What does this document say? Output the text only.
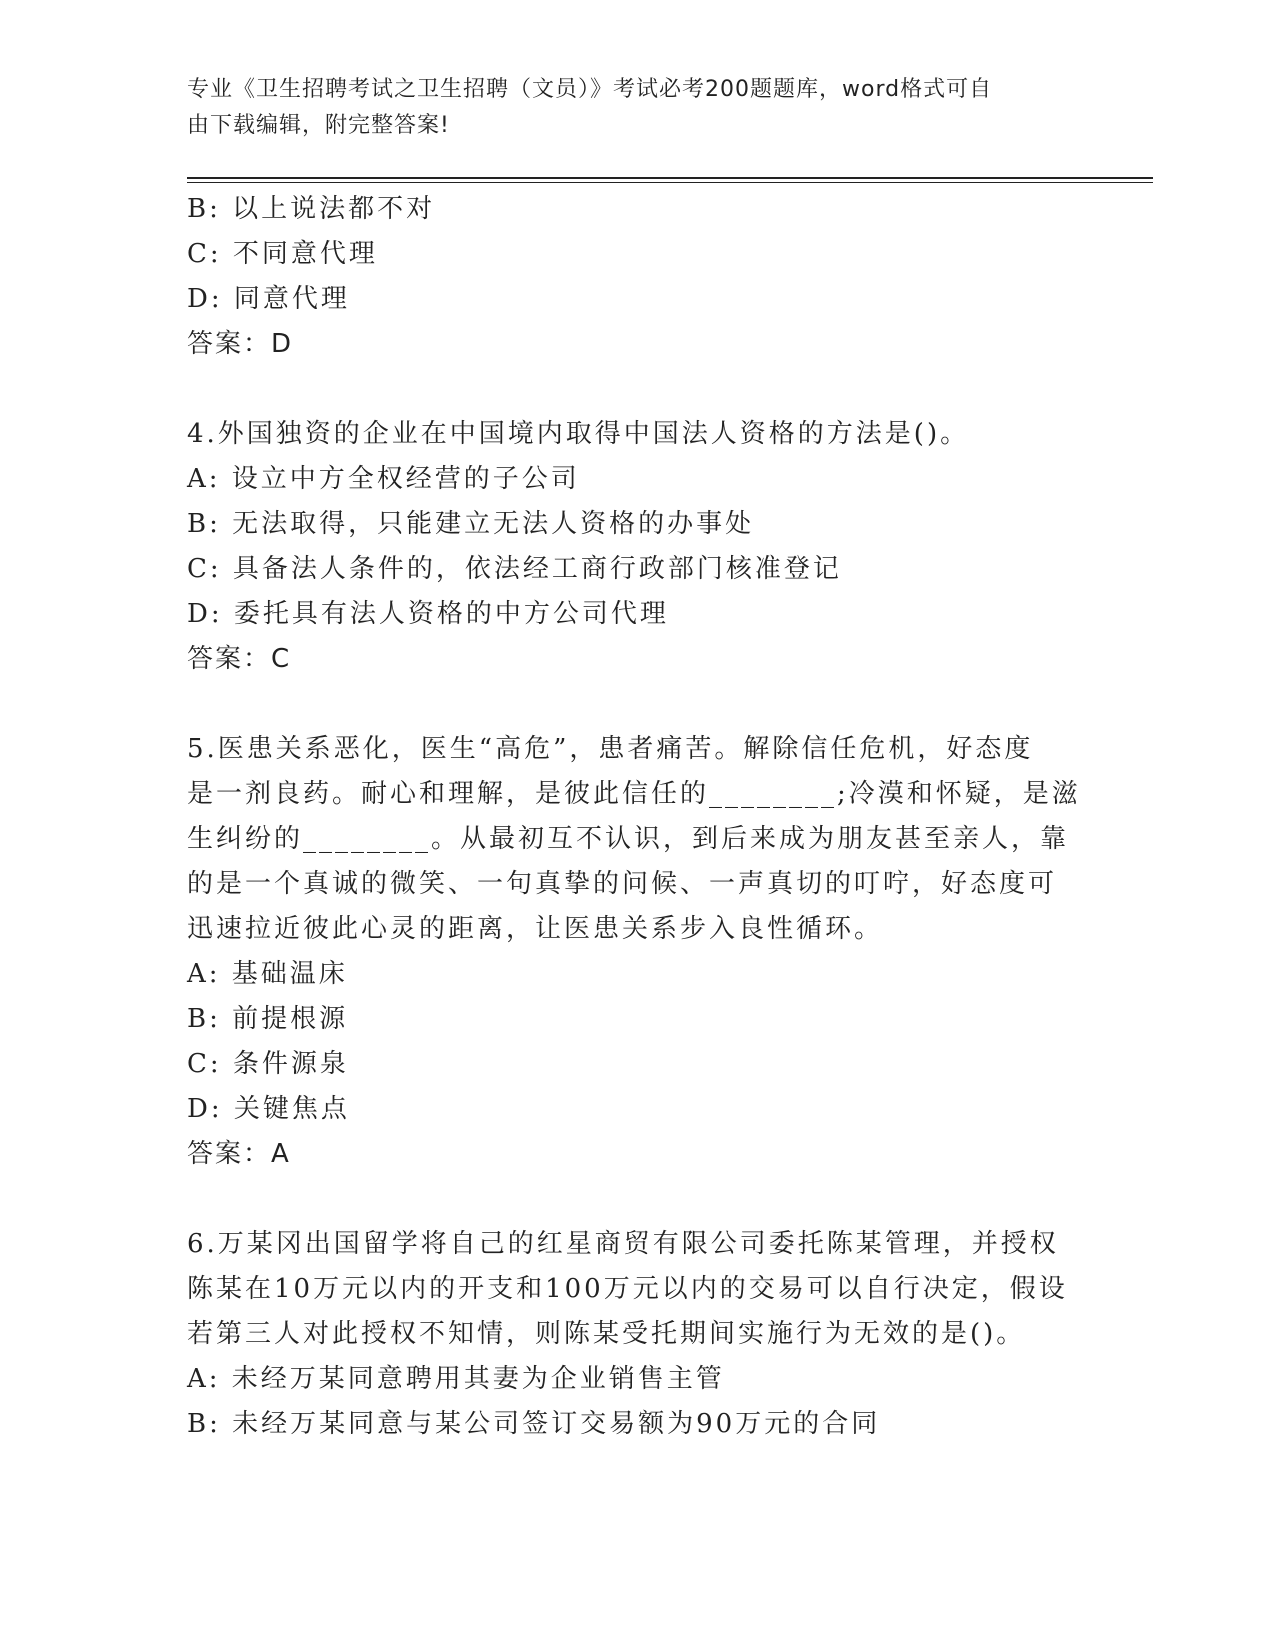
专业《卫生招聘考试之卫生招聘（文员）》考试必考200题题库，word格式可自
由下载编辑，附完整答案!
B: 以上说法都不对
C: 不同意代理
D: 同意代理
答案：D
4.外国独资的企业在中国境内取得中国法人资格的方法是()。
A: 设立中方全权经营的子公司
B: 无法取得，只能建立无法人资格的办事处
C: 具备法人条件的，依法经工商行政部门核准登记
D: 委托具有法人资格的中方公司代理
答案：C
5.医患关系恶化，医生“高危”，患者痛苦。解除信任危机，好态度
是一剂良药。耐心和理解，是彼此信任的________;冷漠和怀疑，是滋
生纠纷的________。从最初互不认识，到后来成为朋友甚至亲人，靠
的是一个真诚的微笑、一句真挚的问候、一声真切的叮咛，好态度可
迅速拉近彼此心灵的距离，让医患关系步入良性循环。
A: 基础温床
B: 前提根源
C: 条件源泉
D: 关键焦点
答案：A
6.万某冈出国留学将自己的红星商贸有限公司委托陈某管理，并授权
陈某在10万元以内的开支和100万元以内的交易可以自行决定，假设
若第三人对此授权不知情，则陈某受托期间实施行为无效的是()。
A: 未经万某同意聘用其妻为企业销售主管
B: 未经万某同意与某公司签订交易额为90万元的合同
